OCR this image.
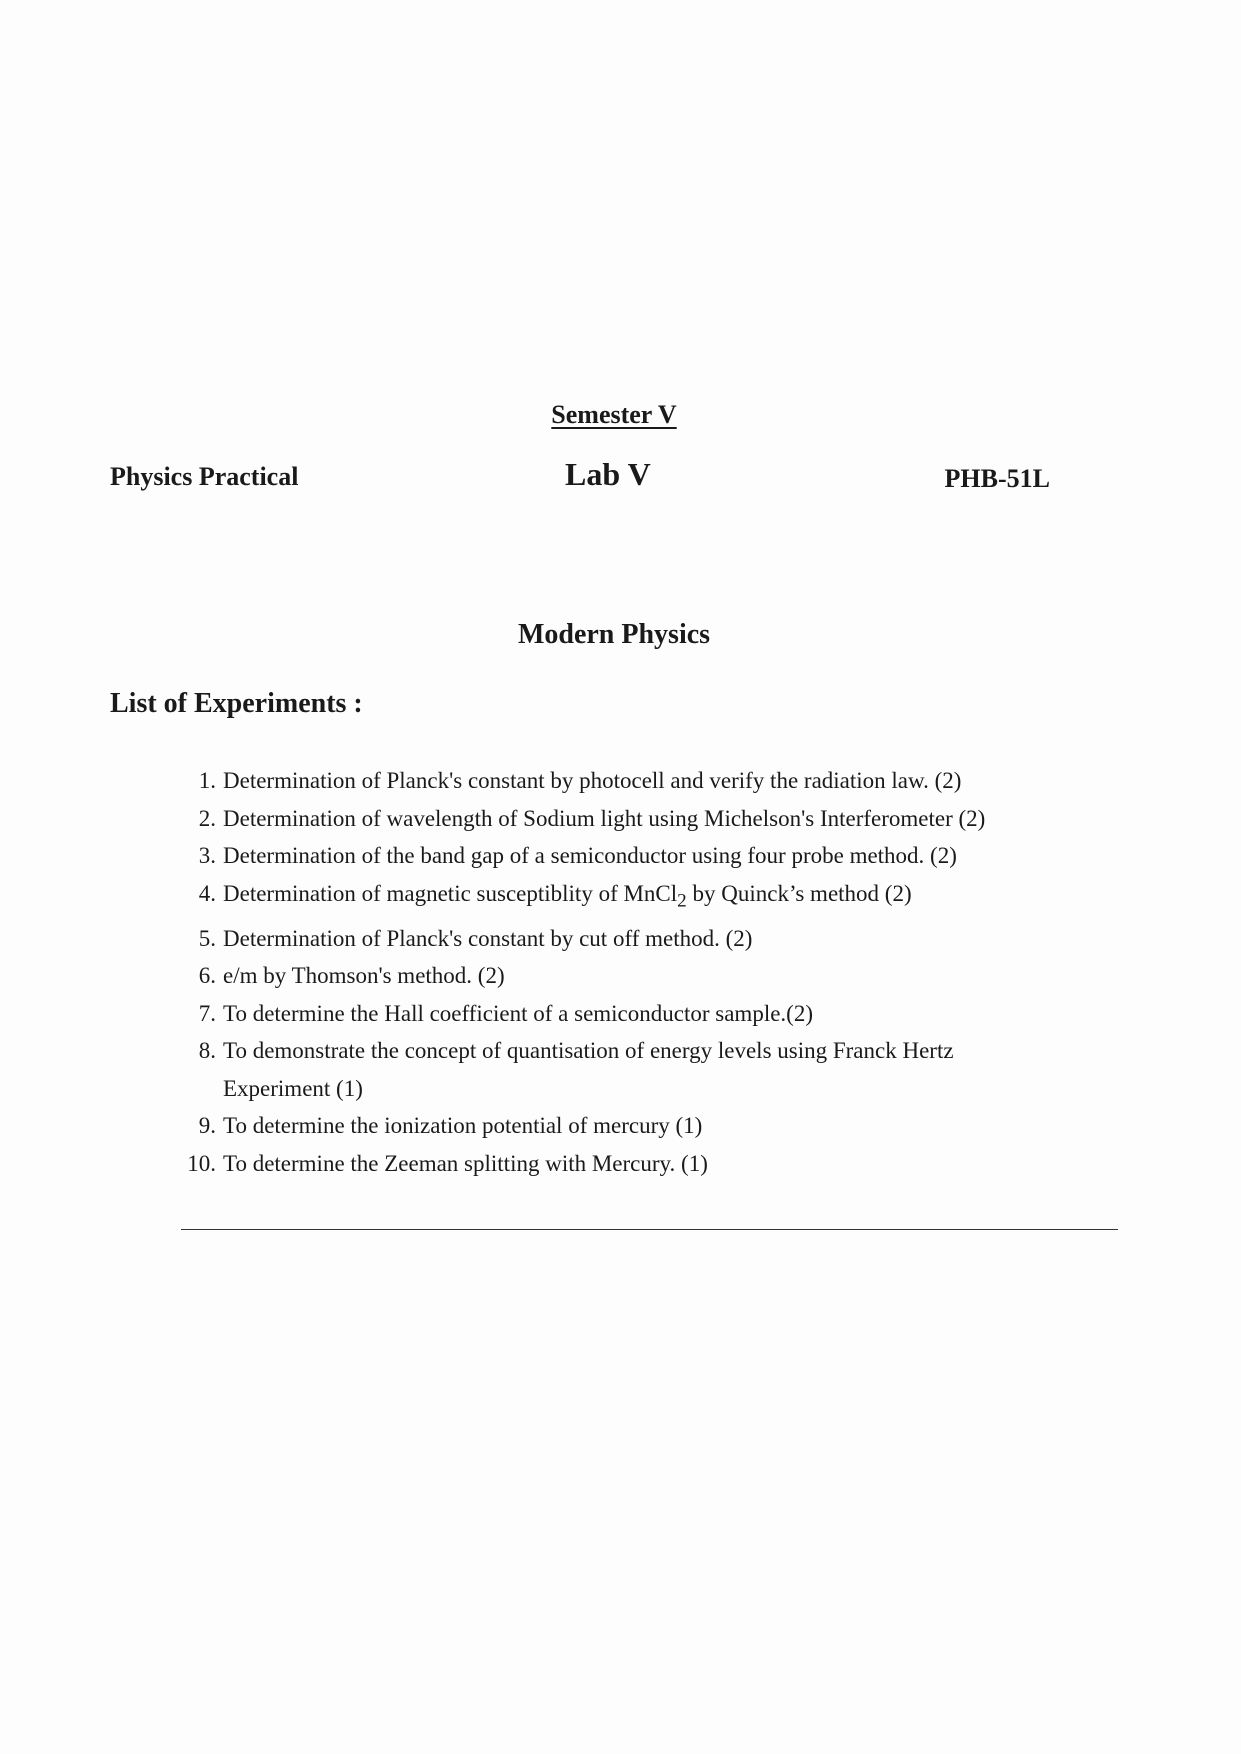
Semester V
Physics Practical	Lab V	PHB-51L
Modern Physics
List of Experiments :
1. Determination of Planck's constant by photocell and verify the radiation law. (2)
2. Determination of wavelength of Sodium light using Michelson's Interferometer (2)
3. Determination of the band gap of a semiconductor using four probe method. (2)
4. Determination of magnetic susceptiblity of MnCl$_2$ by Quinck’s method (2)
5. Determination of Planck's constant by cut off method. (2)
6. e/m by Thomson's method. (2)
7. To determine the Hall coefficient of a semiconductor sample.(2)
8. To demonstrate the concept of quantisation of energy levels using Franck Hertz Experiment (1)
9. To determine the ionization potential of mercury (1)
10. To determine the Zeeman splitting with Mercury. (1)
